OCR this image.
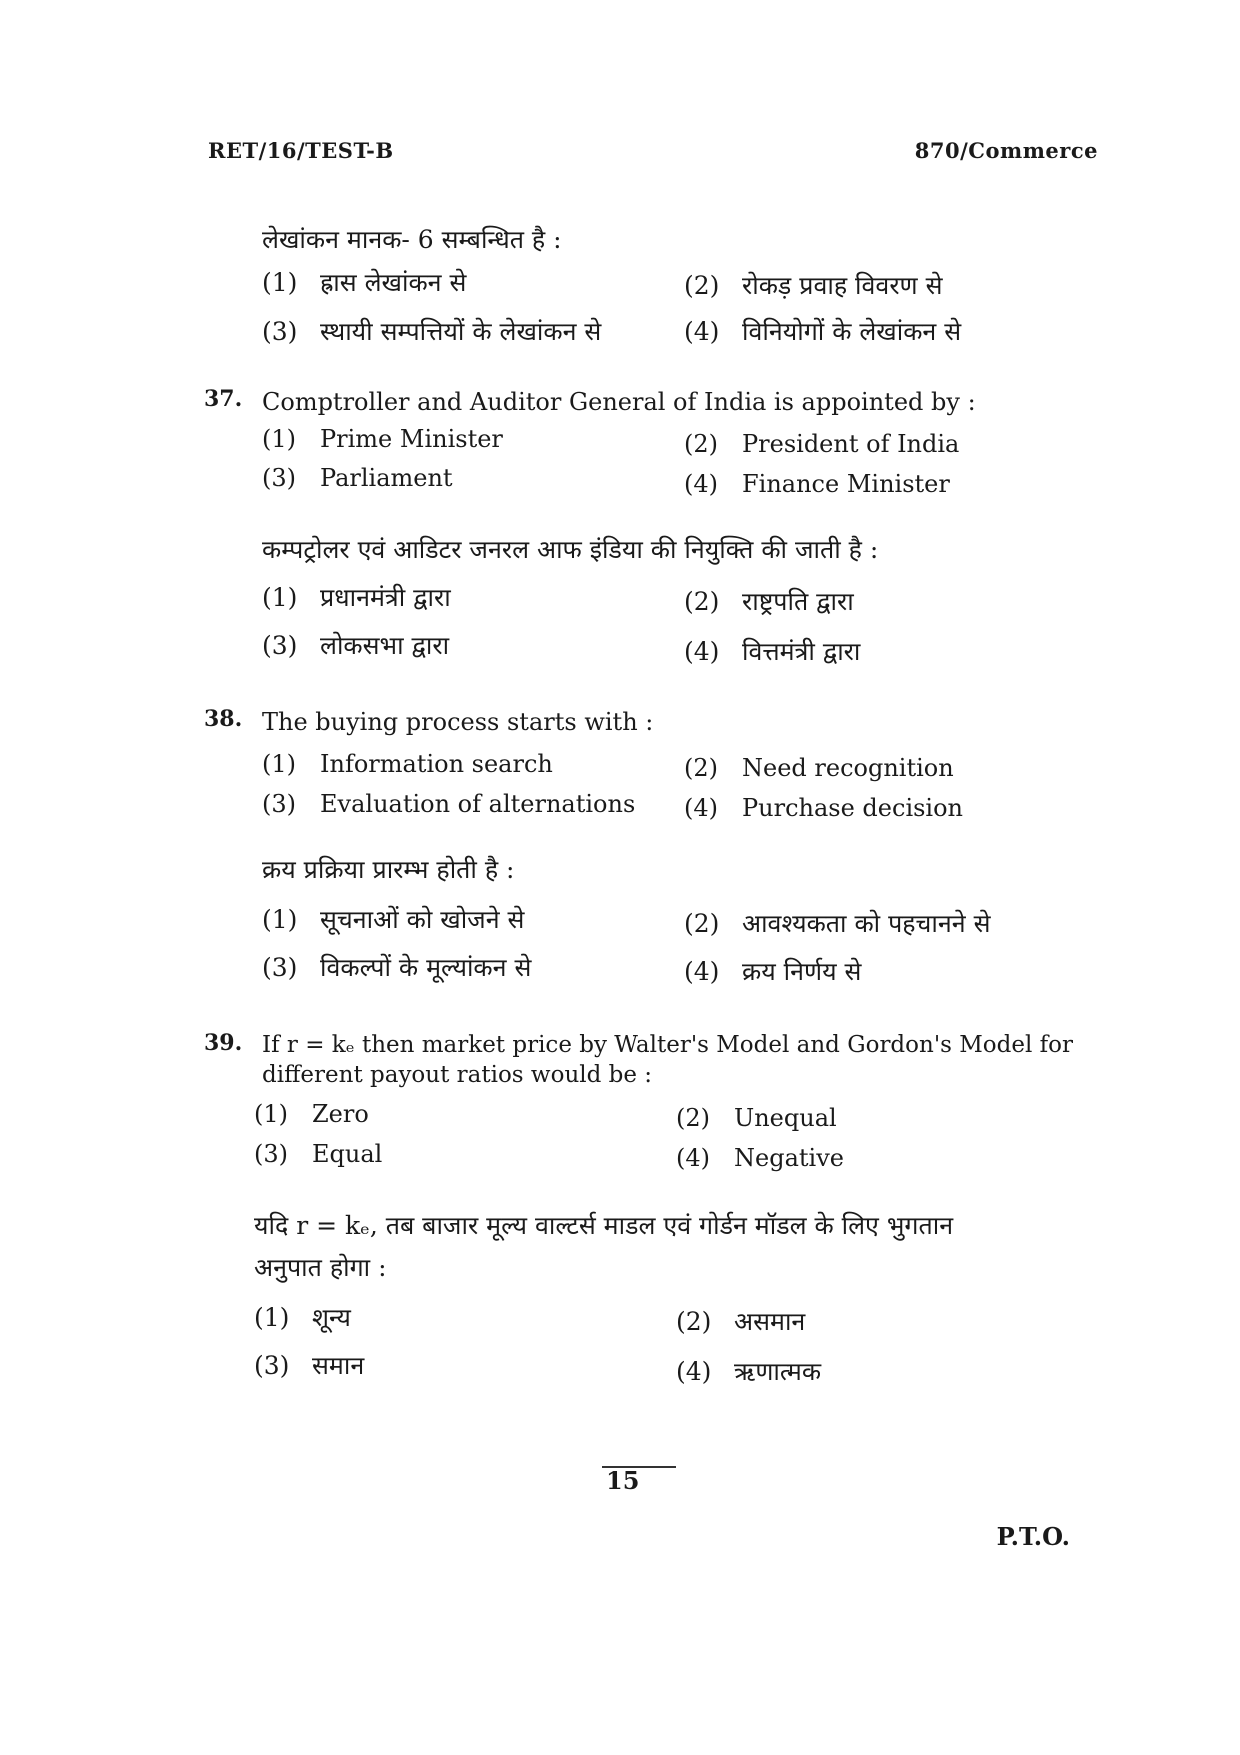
RET/16/TEST-B	870/Commerce
लेखांकन मानक- 6 सम्बन्धित है :
(1) ह्रास लेखांकन से	(2) रोकड़ प्रवाह विवरण से
(3) स्थायी सम्पत्तियों के लेखांकन से	(4) विनियोगों के लेखांकन से
37. Comptroller and Auditor General of India is appointed by :
(1) Prime Minister	(2) President of India
(3) Parliament	(4) Finance Minister
कम्पट्रोलर एवं आडिटर जनरल आफ इंडिया की नियुक्ति की जाती है :
(1) प्रधानमंत्री द्वारा	(2) राष्ट्रपति द्वारा
(3) लोकसभा द्वारा	(4) वित्तमंत्री द्वारा
38. The buying process starts with :
(1) Information search	(2) Need recognition
(3) Evaluation of alternations (4) Purchase decision
क्रय प्रक्रिया प्रारम्भ होती है :
(1) सूचनाओं को खोजने से	(2) आवश्यकता को पहचानने से
(3) विकल्पों के मूल्यांकन से	(4) क्रय निर्णय से
39. If r = kₑ then market price by Walter's Model and Gordon's Model for
different payout ratios would be :
(1) Zero	(2) Unequal
(3) Equal	(4) Negative
यदि r = kₑ, तब बाजार मूल्य वाल्टर्स माडल एवं गोर्डन मॉडल के लिए भुगतान
अनुपात होगा :
(1) शून्य	(2) असमान
(3) समान	(4) ऋणात्मक
15
P.T.O.
